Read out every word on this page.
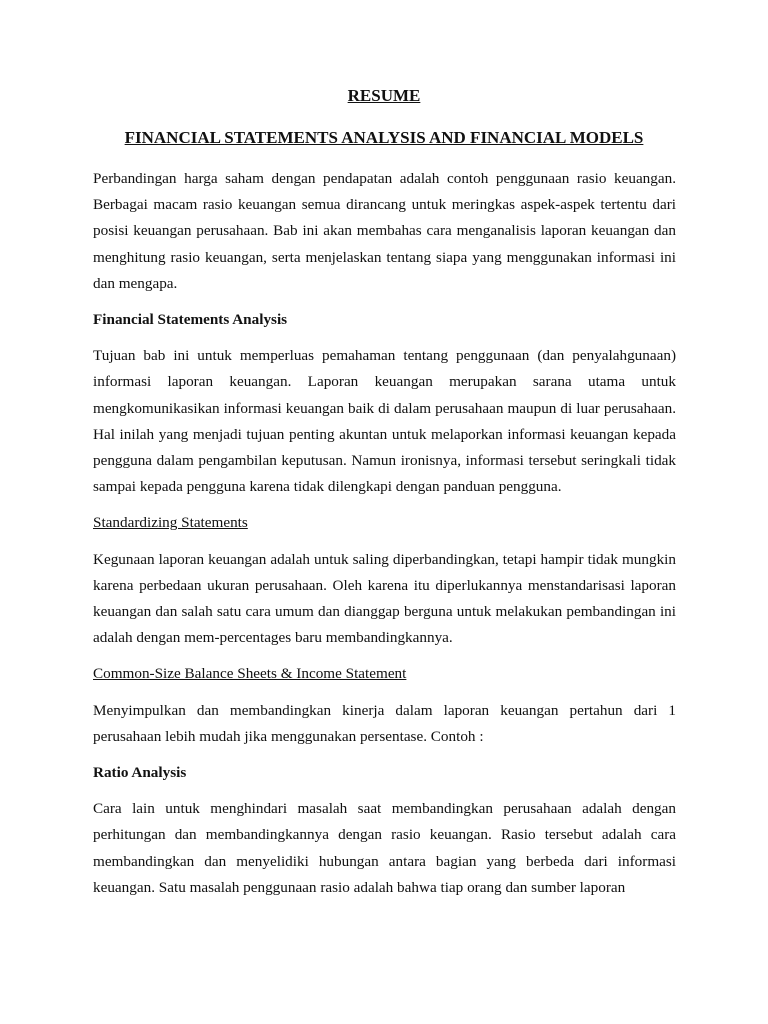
RESUME
FINANCIAL STATEMENTS ANALYSIS AND FINANCIAL MODELS

Perbandingan harga saham dengan pendapatan adalah contoh penggunaan rasio keuangan. Berbagai macam rasio keuangan semua dirancang untuk meringkas aspek-aspek tertentu dari posisi keuangan perusahaan. Bab ini akan membahas cara menganalisis laporan keuangan dan menghitung rasio keuangan, serta menjelaskan tentang siapa yang menggunakan informasi ini dan mengapa.

Financial Statements Analysis

Tujuan bab ini untuk memperluas pemahaman tentang penggunaan (dan penyalahgunaan) informasi laporan keuangan. Laporan keuangan merupakan sarana utama untuk mengkomunikasikan informasi keuangan baik di dalam perusahaan maupun di luar perusahaan. Hal inilah yang menjadi tujuan penting akuntan untuk melaporkan informasi keuangan kepada pengguna dalam pengambilan keputusan. Namun ironisnya, informasi tersebut seringkali tidak sampai kepada pengguna karena tidak dilengkapi dengan panduan pengguna.

Standardizing Statements

Kegunaan laporan keuangan adalah untuk saling diperbandingkan, tetapi hampir tidak mungkin karena perbedaan ukuran perusahaan. Oleh karena itu diperlukannya menstandarisasi laporan keuangan dan salah satu cara umum dan dianggap berguna untuk melakukan pembandingan ini adalah dengan mem-percentages baru membandingkannya.

Common-Size Balance Sheets & Income Statement

Menyimpulkan dan membandingkan kinerja dalam laporan keuangan pertahun dari 1 perusahaan lebih mudah jika menggunakan persentase. Contoh :

Ratio Analysis

Cara lain untuk menghindari masalah saat membandingkan perusahaan adalah dengan perhitungan dan membandingkannya dengan rasio keuangan. Rasio tersebut adalah cara membandingkan dan menyelidiki hubungan antara bagian yang berbeda dari informasi keuangan. Satu masalah penggunaan rasio adalah bahwa tiap orang dan sumber laporan
